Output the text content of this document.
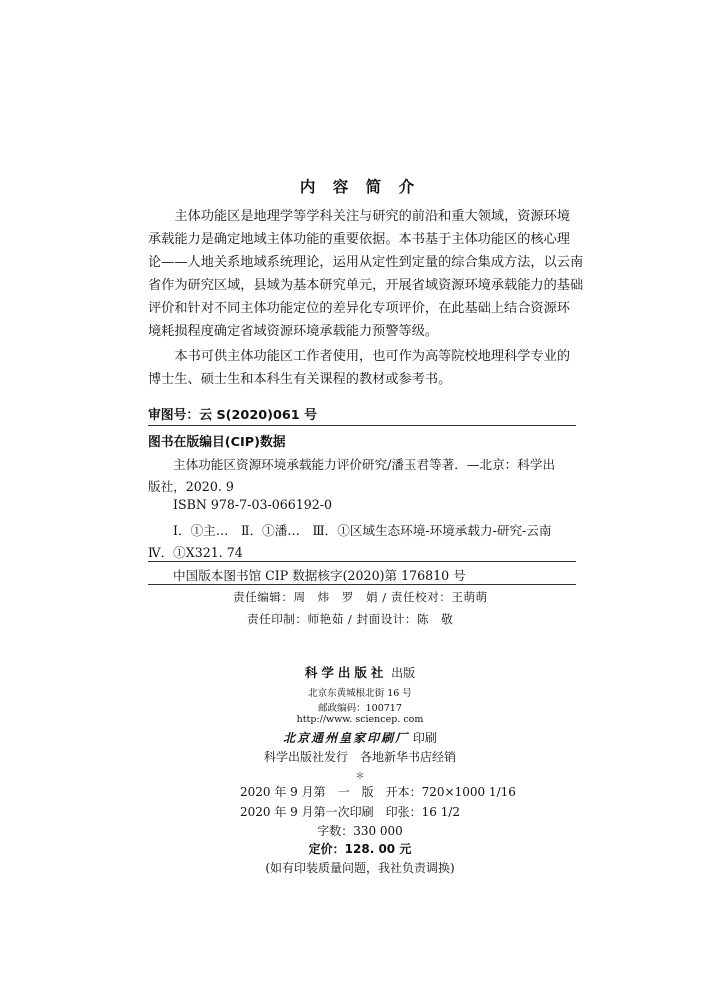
内 容 简 介

主体功能区是地理学等学科关注与研究的前沿和重大领域，资源环境

承载能力是确定地域主体功能的重要依据。本书基于主体功能区的核心理

论——人地关系地域系统理论，运用从定性到定量的综合集成方法，以云南

省作为研究区域，县域为基本研究单元，开展省域资源环境承载能力的基础

评价和针对不同主体功能定位的差异化专项评价，在此基础上结合资源环

境耗损程度确定省域资源环境承载能力预警等级。

本书可供主体功能区工作者使用，也可作为高等院校地理科学专业的

博士生、硕士生和本科生有关课程的教材或参考书。

审图号：云 S(2020)061 号
图书在版编目(CIP)数据
主体功能区资源环境承载能力评价研究/潘玉君等著．—北京：科学出
版社，2020. 9
ISBN 978-7-03-066192-0
Ⅰ．①主…　Ⅱ．①潘…　Ⅲ．①区域生态环境-环境承载力-研究-云南
Ⅳ．①X321. 74
中国版本图书馆 CIP 数据核字(2020)第 176810 号
责任编辑：周　炜　罗　娟 / 责任校对：王萌萌
责任印制：师艳茹 / 封面设计：陈　敬
科学出版社 出版
北京东黄城根北街 16 号
邮政编码：100717
http://www. sciencep. com
北京通州皇家印刷厂 印刷
科学出版社发行　各地新华书店经销
＊
2020 年 9 月第　一　版　开本：720×1000 1/16
2020 年 9 月第一次印刷　印张：16 1/2
字数：330 000
定价：128. 00 元
(如有印装质量问题，我社负责调换)
